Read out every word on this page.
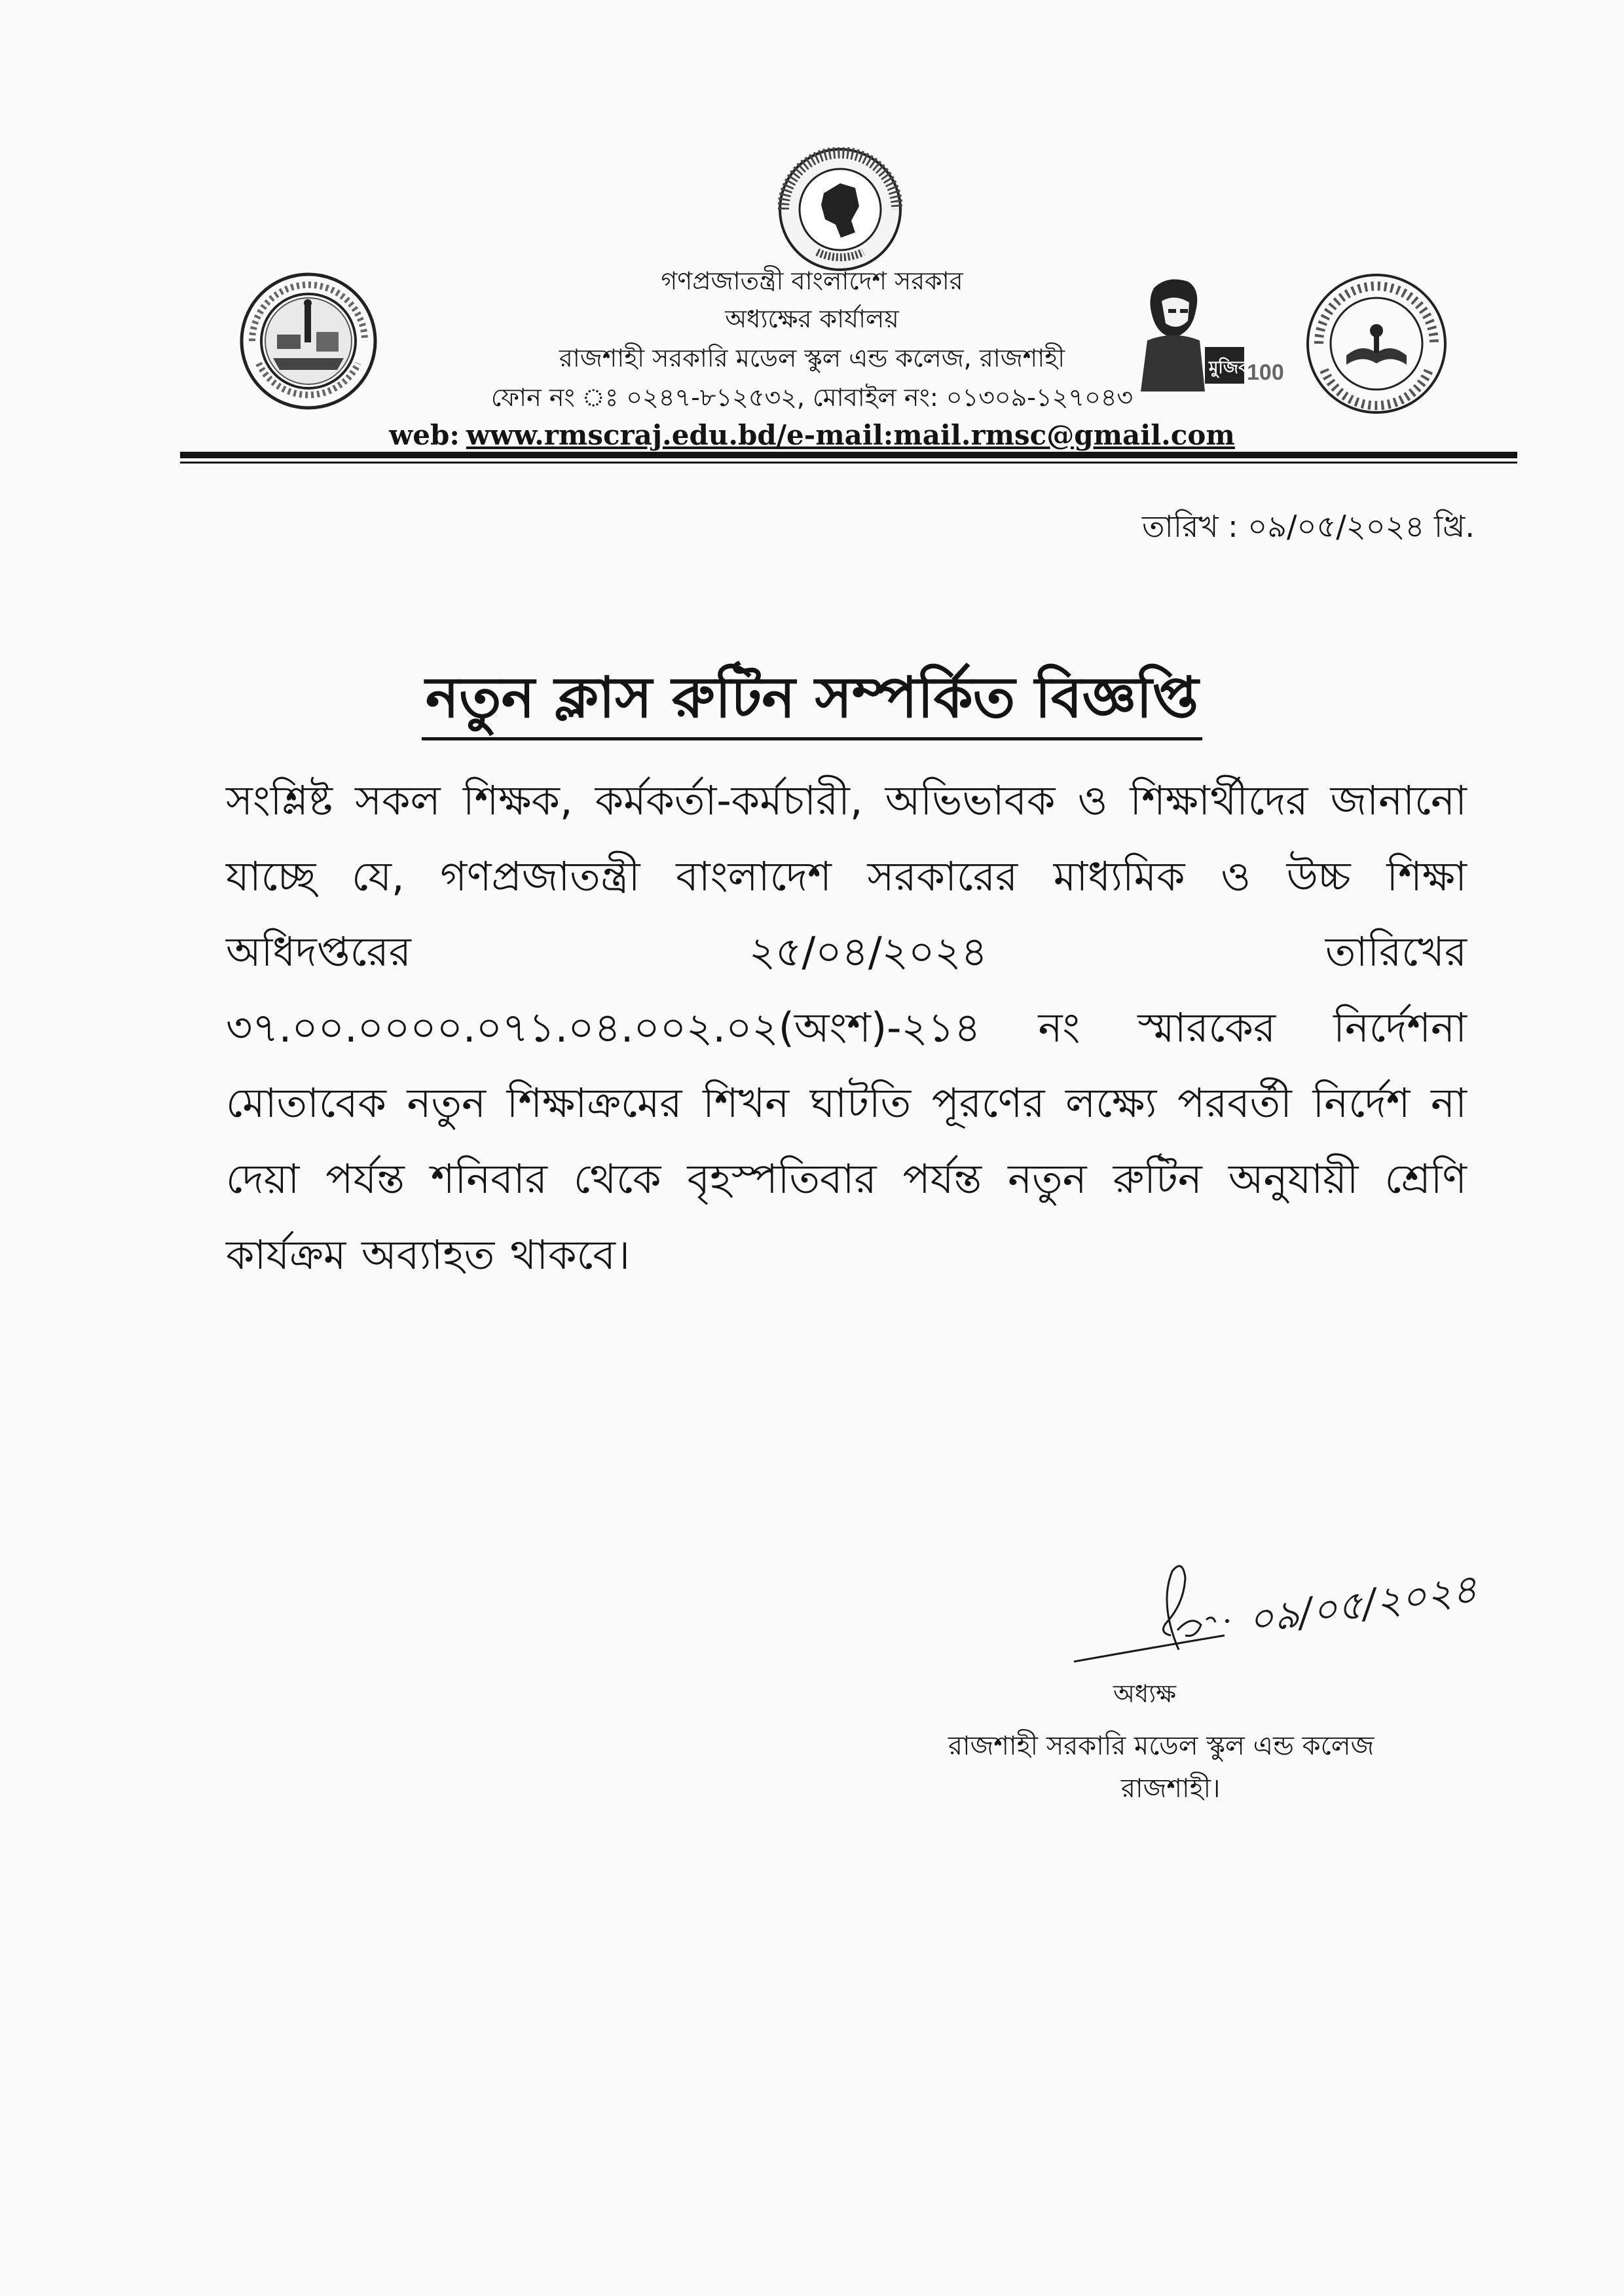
মুজিব
100
গণপ্রজাতন্ত্রী বাংলাদেশ সরকার
অধ্যক্ষের কার্যালয়
রাজশাহী সরকারি মডেল স্কুল এন্ড কলেজ, রাজশাহী
ফোন নং ঃ ০২৪৭-৮১২৫৩২, মোবাইল নং: ০১৩০৯-১২৭০৪৩
web: www.rmscraj.edu.bd/e-mail:mail.rmsc@gmail.com
তারিখ : ০৯/০৫/২০২৪ খ্রি.
নতুন ক্লাস রুটিন সম্পর্কিত বিজ্ঞপ্তি
সংশ্লিষ্ট সকল শিক্ষক, কর্মকর্তা-কর্মচারী, অভিভাবক ও শিক্ষার্থীদের জানানো যাচ্ছে যে, গণপ্রজাতন্ত্রী বাংলাদেশ সরকারের মাধ্যমিক ও উচ্চ শিক্ষা অধিদপ্তরের ২৫/০৪/২০২৪ তারিখের ৩৭.০০.০০০০.০৭১.০৪.০০২.০২(অংশ)-২১৪ নং স্মারকের নির্দেশনা মোতাবেক নতুন শিক্ষাক্রমের শিখন ঘাটতি পূরণের লক্ষ্যে পরবর্তী নির্দেশ না দেয়া পর্যন্ত শনিবার থেকে বৃহস্পতিবার পর্যন্ত নতুন রুটিন অনুযায়ী শ্রেণি কার্যক্রম অব্যাহত থাকবে।
০৯/০৫/২০২৪
অধ্যক্ষ
রাজশাহী সরকারি মডেল স্কুল এন্ড কলেজ
রাজশাহী।
